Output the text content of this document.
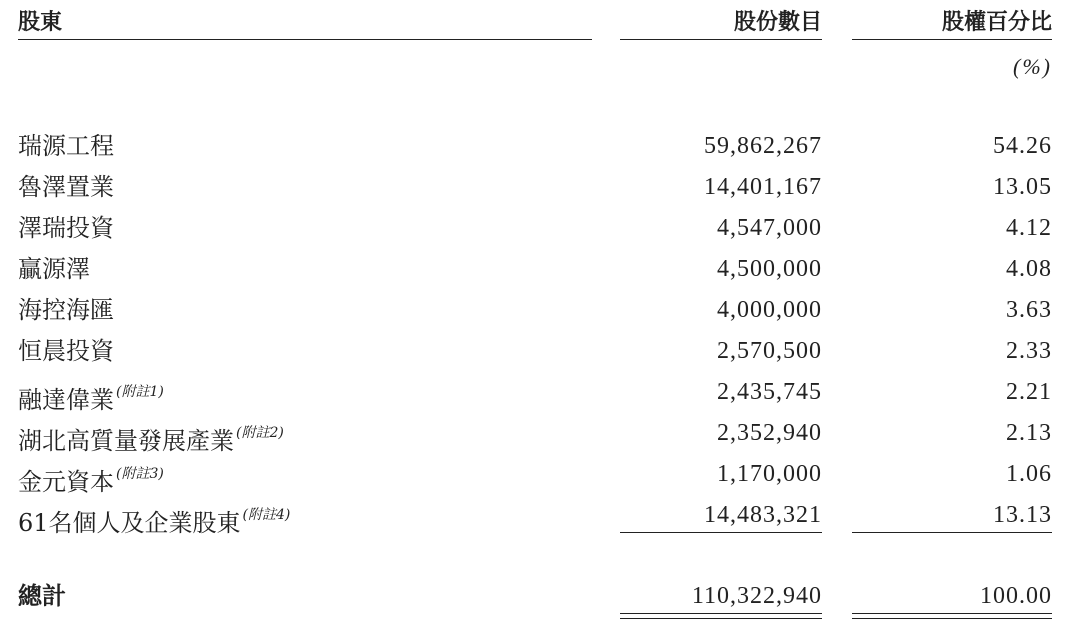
股東	股份數目	股權百分比
(%)
瑞源工程	59,862,267	54.26
魯澤置業	14,401,167	13.05
澤瑞投資	4,547,000	4.12
贏源澤	4,500,000	4.08
海控海匯	4,000,000	3.63
恒晨投資	2,570,500	2.33
融達偉業 $^{(附註1)}$	2,435,745	2.21
湖北高質量發展產業 $^{(附註2)}$	2,352,940	2.13
金元資本 $^{(附註3)}$	1,170,000	1.06
61名個人及企業股東 $^{(附註4)}$	14,483,321	13.13
總計	110,322,940	100.00
